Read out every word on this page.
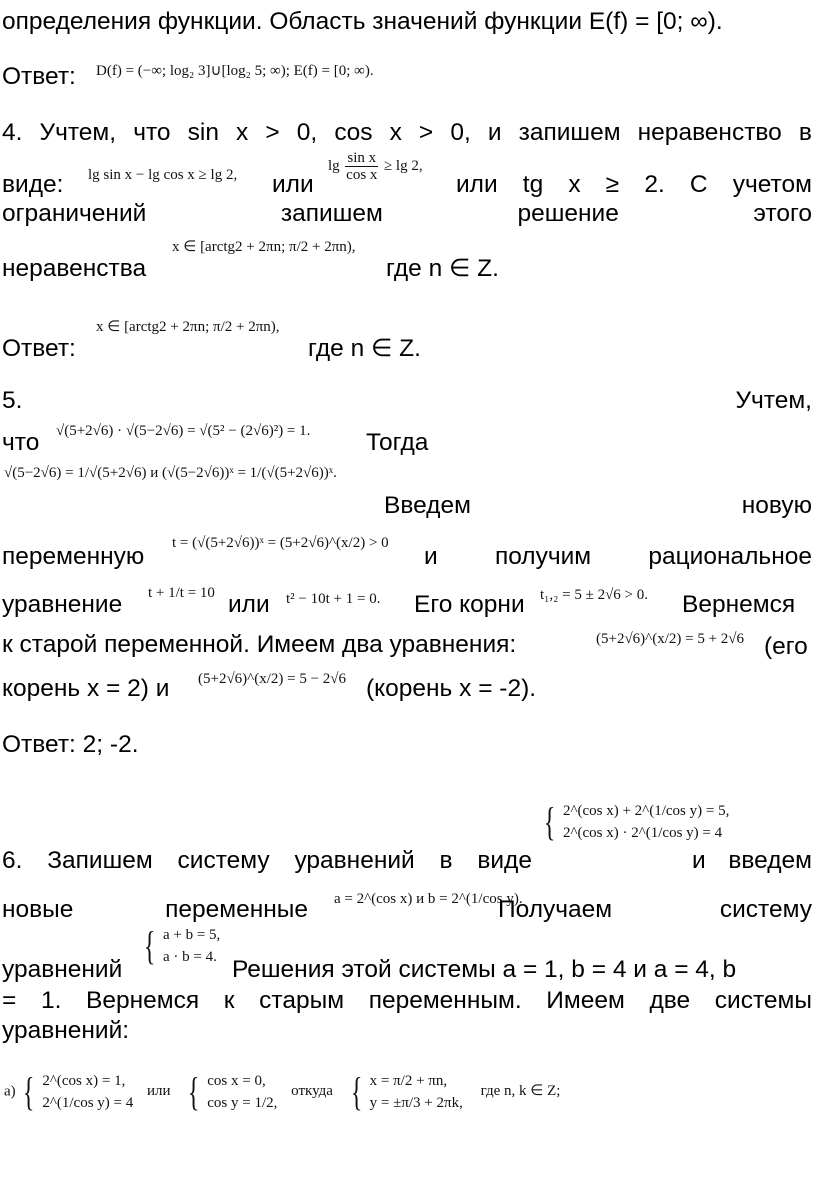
определения функции. Область значений функции E(f) = [0; ∞).
Ответ: D(f) = (−∞; log₂ 3]∪[log₂ 5; ∞); E(f) = [0; ∞).
4. Учтем, что sin x > 0, cos x > 0, и запишем неравенство в
виде: lg sin x − lg cos x ≥ lg 2, или
$\lg \frac{\text{sin x}}{\text{cos x}} \ge \lg 2$,
или tg x ≥ 2. С учетом
ограничений	запишем	решение	этого
неравенства
x ∈ [arctg2 + 2πn; π/2 + 2πn),
где n ∈ Z.
Ответ:
x ∈ [arctg2 + 2πn; π/2 + 2πn),
где n ∈ Z.
5.	Учтем,
что √(5+2√6) · √(5−2√6) = √(5² − (2√6)²) = 1. Тогда
√(5−2√6) = 1/√(5+2√6) и (√(5−2√6))ˣ = 1/(√(5+2√6))ˣ.
Введем	новую
переменную t = (√(5+2√6))ˣ = (5+2√6)^(x/2) > 0 и получим рациональное
уравнение t + 1/t = 10 или t² − 10t + 1 = 0. Его корни t₁,₂ = 5 ± 2√6 > 0. Вернемся
к старой переменной. Имеем два уравнения:	(5+2√6)^(x/2) = 5 + 2√6 (его
корень x = 2) и (5+2√6)^(x/2) = 5 − 2√6 (корень x = -2).
Ответ: 2; -2.
{ 2^(cos x) + 2^(1/cos y) = 5,
2^(cos x) · 2^(1/cos y) = 4
6. Запишем систему уравнений в виде	и введем
новые	переменные a = 2^(cos x) и b = 2^(1/cos y).
Получаем	систему
{ a + b = 5,
a · b = 4.
уравнений	Решения этой системы a = 1, b = 4 и a = 4, b
= 1. Вернемся к старым переменным. Имеем две системы
уравнений:
а) { 2^(cos x) = 1,
2^(1/cos y) = 4
или { cos x = 0,
cos y = 1/2,
откуда { x = π/2 + πn,
y = ±π/3 + 2πk,
где n, k ∈ Z;
